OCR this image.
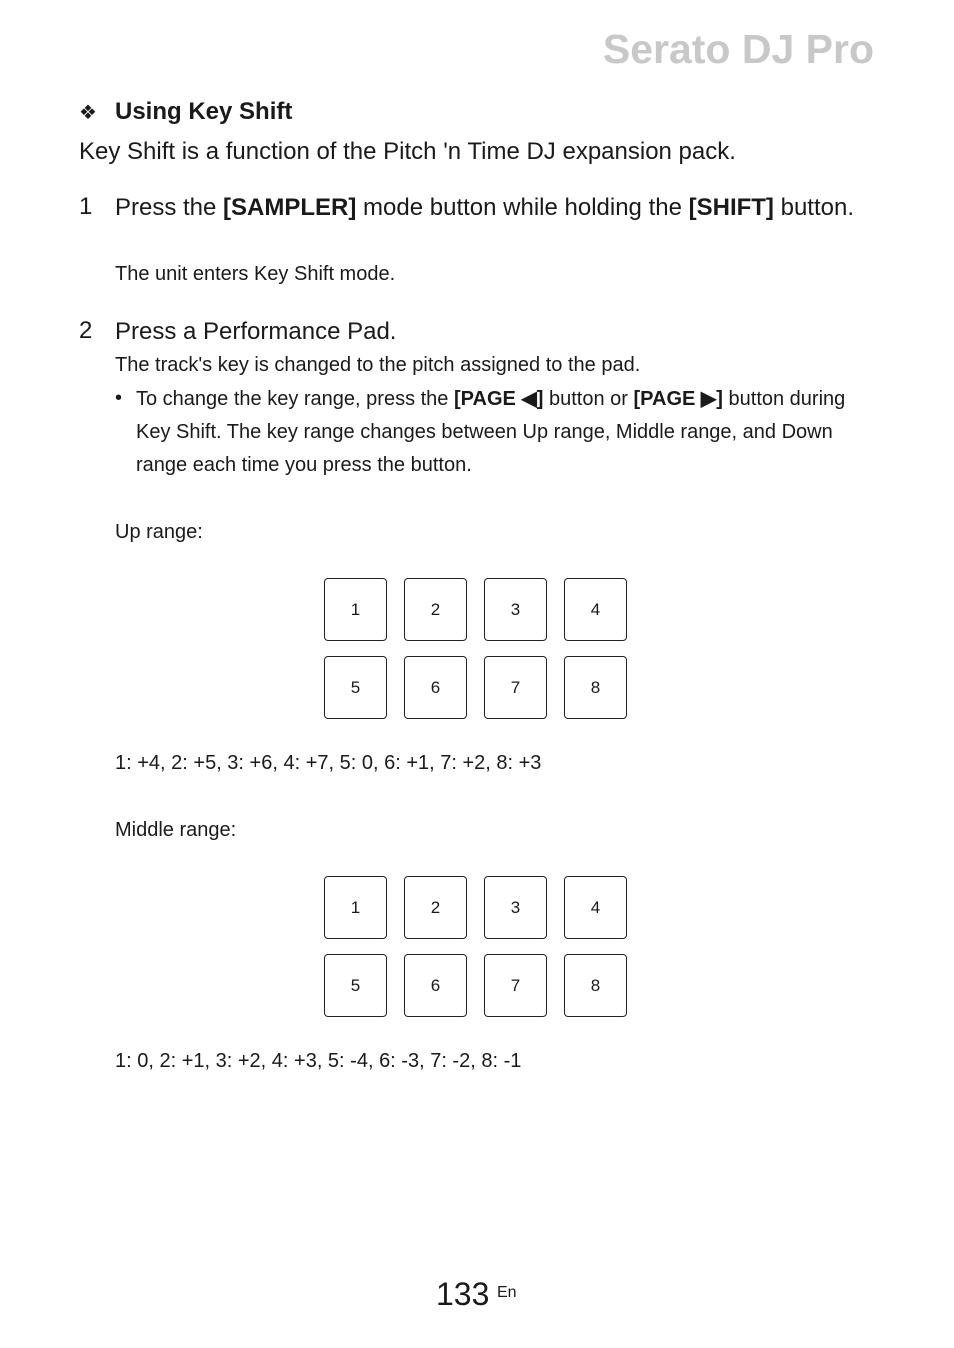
Serato DJ Pro
❖ Using Key Shift
Key Shift is a function of the Pitch 'n Time DJ expansion pack.
1 Press the [SAMPLER] mode button while holding the [SHIFT] button.
The unit enters Key Shift mode.
2 Press a Performance Pad.
The track's key is changed to the pitch assigned to the pad.
• To change the key range, press the [PAGE ◀] button or [PAGE ▶] button during Key Shift. The key range changes between Up range, Middle range, and Down range each time you press the button.
Up range:
1	2	3	4
5	6	7	8
1: +4, 2: +5, 3: +6, 4: +7, 5: 0, 6: +1, 7: +2, 8: +3
Middle range:
1	2	3	4
5	6	7	8
1: 0, 2: +1, 3: +2, 4: +3, 5: -4, 6: -3, 7: -2, 8: -1
133 En
